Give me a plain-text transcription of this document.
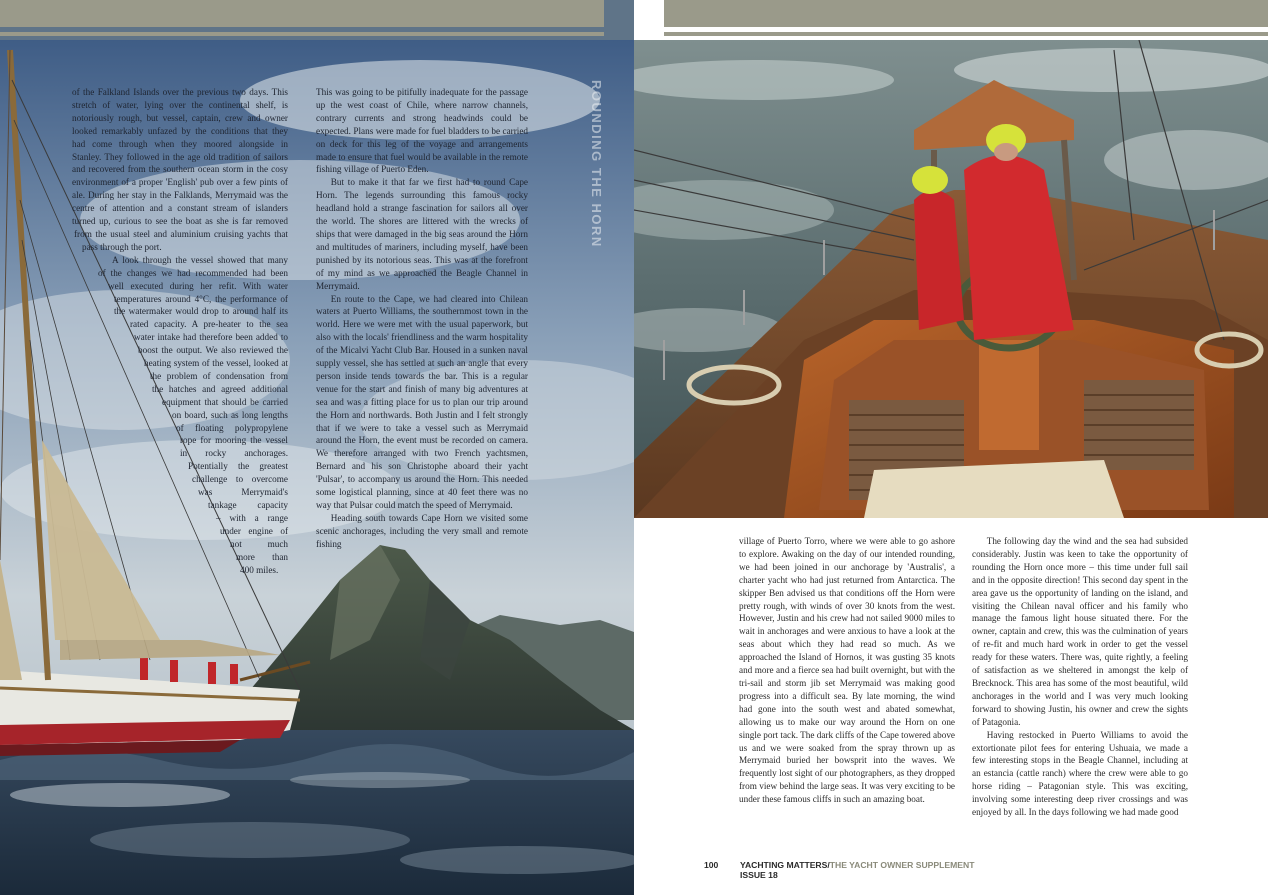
ROUNDING THE HORN
of the Falkland Islands over the previous two days. This
stretch of water, lying over the continental shelf, is
notoriously rough, but vessel, captain, crew and owner
looked remarkably unfazed by the conditions that they
had come through when they moored alongside in
Stanley. They followed in the age old tradition of sailors
and recovered from the southern ocean storm in the cosy
environment of a proper 'English' pub over a few pints of
ale. During her stay in the Falklands, Merrymaid was the
centre of attention and a constant stream of islanders
turned up, curious to see the boat as she is far removed
from the usual steel and aluminium cruising yachts that
pass through the port.
A look through the vessel showed that many
of the changes we had recommended had been
well executed during her refit. With water
temperatures around 4°C, the performance of
the watermaker would drop to around half its
rated capacity. A pre-heater to the sea
water intake had therefore been added to
boost the output. We also reviewed the
heating system of the vessel, looked at
the problem of condensation from
the hatches and agreed additional
equipment that should be carried
on board, such as long lengths
of floating polypropylene
rope for mooring the vessel
in rocky anchorages.
Potentially the greatest
challenge to overcome
was Merrymaid's
tankage capacity
– with a range
under engine of
not much
more than
400 miles.

This was going to be pitifully inadequate for the passage up the west coast of Chile, where narrow channels, contrary currents and strong headwinds could be expected. Plans were made for fuel bladders to be carried on deck for this leg of the voyage and arrangements made to ensure that fuel would be available in the remote fishing village of Puerto Eden.

But to make it that far we first had to round Cape Horn. The legends surrounding this famous rocky headland hold a strange fascination for sailors all over the world. The shores are littered with the wrecks of ships that were damaged in the big seas around the Horn and multitudes of mariners, including myself, have been punished by its notorious seas. This was at the forefront of my mind as we approached the Beagle Channel in Merrymaid.

En route to the Cape, we had cleared into Chilean waters at Puerto Williams, the southernmost town in the world. Here we were met with the usual paperwork, but also with the locals' friendliness and the warm hospitality of the Micalvi Yacht Club Bar. Housed in a sunken naval supply vessel, she has settled at such an angle that every person inside tends towards the bar. This is a regular venue for the start and finish of many big adventures at sea and was a fitting place for us to plan our trip around the Horn and northwards. Both Justin and I felt strongly that if we were to take a vessel such as Merrymaid around the Horn, the event must be recorded on camera. We therefore arranged with two French yachtsmen, Bernard and his son Christophe aboard their yacht 'Pulsar', to accompany us around the Horn. This needed some logistical planning, since at 40 feet there was no way that Pulsar could match the speed of Merrymaid.

Heading south towards Cape Horn we visited some scenic anchorages, including the very small and remote fishing	village of Puerto Torro, where we were able to go ashore to explore. Awaking on the day of our intended rounding, we had been joined in our anchorage by 'Australis', a charter yacht who had just returned from Antarctica. The skipper Ben advised us that conditions off the Horn were pretty rough, with winds of over 30 knots from the west. However, Justin and his crew had not sailed 9000 miles to wait in anchorages and were anxious to have a look at the seas about which they had read so much. As we approached the Island of Hornos, it was gusting 35 knots and more and a fierce sea had built overnight, but with the tri-sail and storm jib set Merrymaid was making good progress into a difficult sea. By late morning, the wind had gone into the south west and abated somewhat, allowing us to make our way around the Horn on one single port tack. The dark cliffs of the Cape towered above us and we were soaked from the spray thrown up as Merrymaid buried her bowsprit into the waves. We frequently lost sight of our photographers, as they dropped from view behind the large seas. It was very exciting to be under these famous cliffs in such an amazing boat.

The following day the wind and the sea had subsided considerably. Justin was keen to take the opportunity of rounding the Horn once more – this time under full sail and in the opposite direction! This second day spent in the area gave us the opportunity of landing on the island, and visiting the Chilean naval officer and his family who manage the famous light house situated there. For the owner, captain and crew, this was the culmination of years of re-fit and much hard work in order to get the vessel ready for these waters. There was, quite rightly, a feeling of satisfaction as we sheltered in amongst the kelp of Brecknock. This area has some of the most beautiful, wild anchorages in the world and I was very much looking forward to showing Justin, his owner and crew the sights of Patagonia.

Having restocked in Puerto Williams to avoid the extortionate pilot fees for entering Ushuaia, we made a few interesting stops in the Beagle Channel, including at an estancia (cattle ranch) where the crew were able to go horse riding – Patagonian style. This was exciting, involving some interesting deep river crossings and was enjoyed by all. In the days following we had made good

100	YACHTING MATTERS/THE YACHT OWNER SUPPLEMENT
ISSUE 18
